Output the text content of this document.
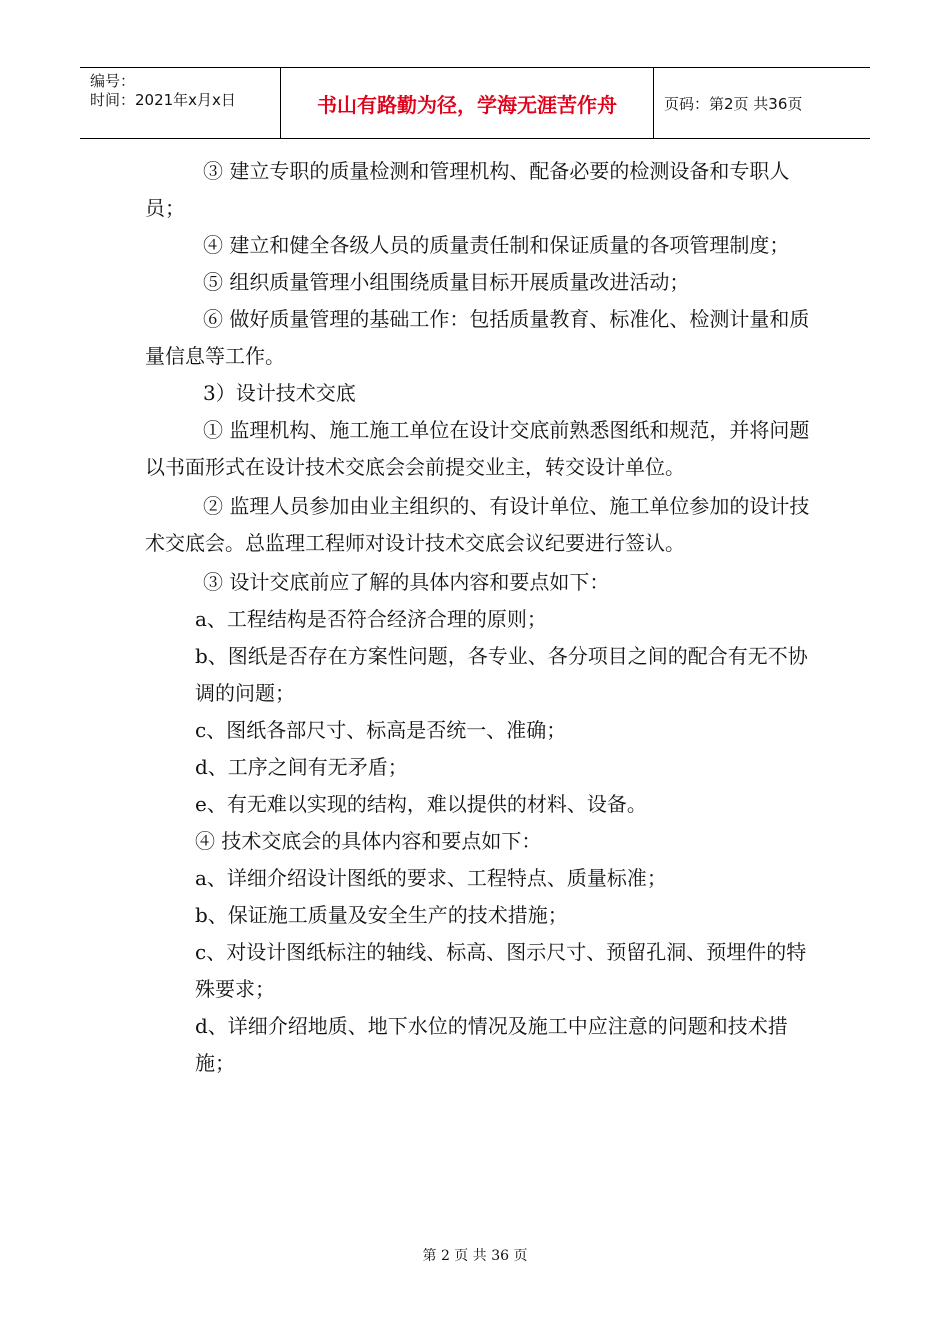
编号：
时间：2021年x月x日	书山有路勤为径，学海无涯苦作舟	页码：第2页 共36页

③ 建立专职的质量检测和管理机构、配备必要的检测设备和专职人员；

④ 建立和健全各级人员的质量责任制和保证质量的各项管理制度；

⑤ 组织质量管理小组围绕质量目标开展质量改进活动；

⑥ 做好质量管理的基础工作：包括质量教育、标准化、检测计量和质量信息等工作。

3）设计技术交底

① 监理机构、施工施工单位在设计交底前熟悉图纸和规范，并将问题以书面形式在设计技术交底会会前提交业主，转交设计单位。

② 监理人员参加由业主组织的、有设计单位、施工单位参加的设计技术交底会。总监理工程师对设计技术交底会议纪要进行签认。

③ 设计交底前应了解的具体内容和要点如下：

a、工程结构是否符合经济合理的原则；

b、图纸是否存在方案性问题，各专业、各分项目之间的配合有无不协调的问题；

c、图纸各部尺寸、标高是否统一、准确；

d、工序之间有无矛盾；

e、有无难以实现的结构，难以提供的材料、设备。

④ 技术交底会的具体内容和要点如下：

a、详细介绍设计图纸的要求、工程特点、质量标准；

b、保证施工质量及安全生产的技术措施；

c、对设计图纸标注的轴线、标高、图示尺寸、预留孔洞、预埋件的特殊要求；

d、详细介绍地质、地下水位的情况及施工中应注意的问题和技术措施；

第 2 页 共 36 页
